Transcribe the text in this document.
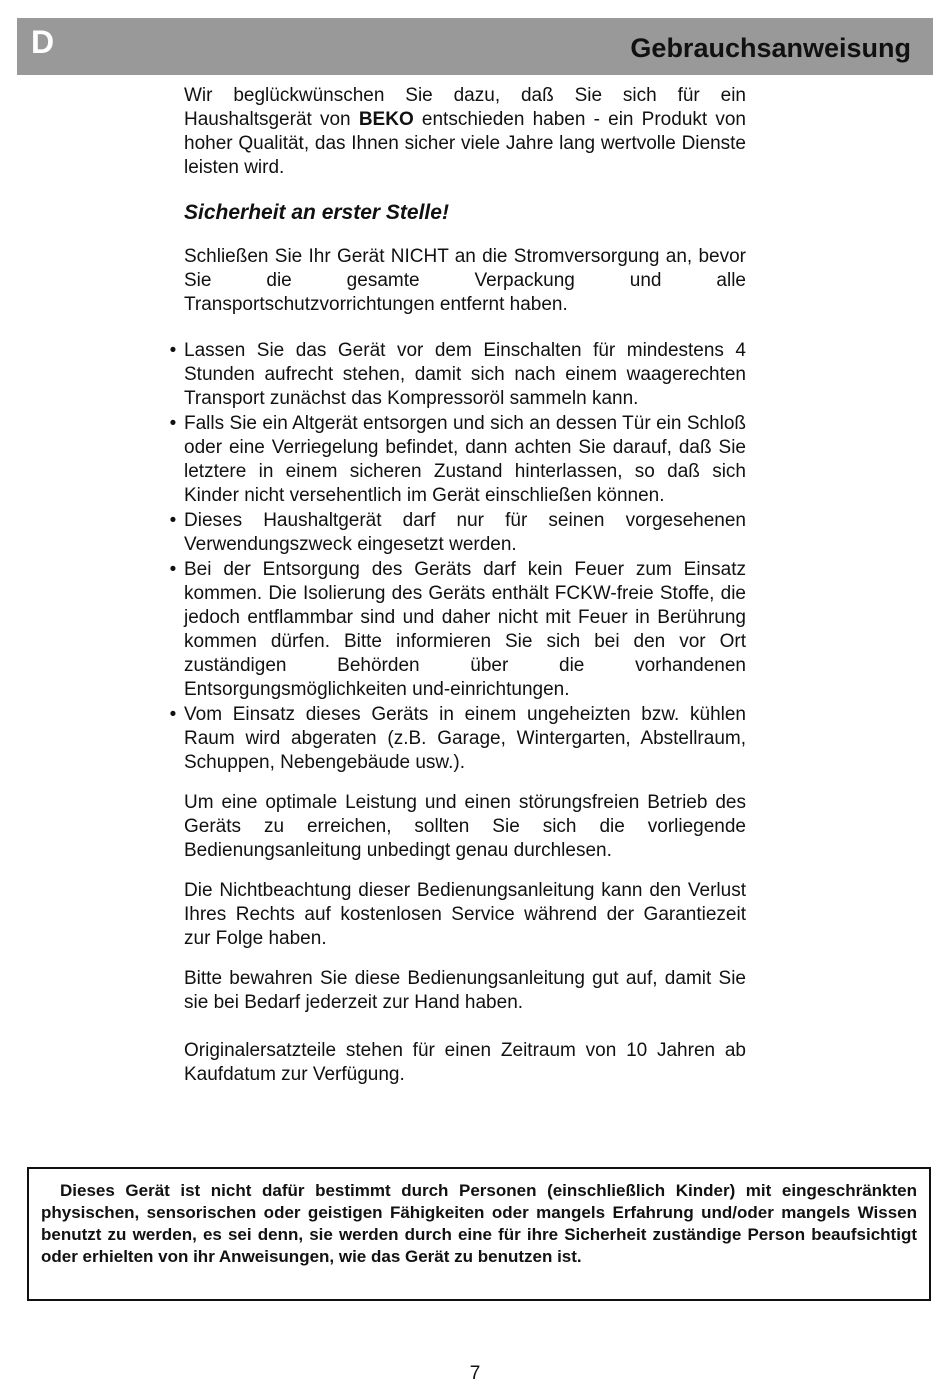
D	Gebrauchsanweisung

Wir beglückwünschen Sie dazu, daß Sie sich für ein Haushaltsgerät von BEKO entschieden haben - ein Produkt von hoher Qualität, das Ihnen sicher viele Jahre lang wertvolle Dienste leisten wird.

Sicherheit an erster Stelle!

Schließen Sie Ihr Gerät NICHT an die Stromversorgung an, bevor Sie die gesamte Verpackung und alle Transportschutzvorrichtungen entfernt haben.

• Lassen Sie das Gerät vor dem Einschalten für mindestens 4 Stunden aufrecht stehen, damit sich nach einem waagerechten Transport zunächst das Kompressoröl sammeln kann.
• Falls Sie ein Altgerät entsorgen und sich an dessen Tür ein Schloß oder eine Verriegelung befindet, dann achten Sie darauf, daß Sie letztere in einem sicheren Zustand hinterlassen, so daß sich Kinder nicht versehentlich im Gerät einschließen können.
• Dieses Haushaltgerät darf nur für seinen vorgesehenen Verwendungszweck eingesetzt werden.
• Bei der Entsorgung des Geräts darf kein Feuer zum Einsatz kommen. Die Isolierung des Geräts enthält FCKW-freie Stoffe, die jedoch entflammbar sind und daher nicht mit Feuer in Berührung kommen dürfen. Bitte informieren Sie sich bei den vor Ort zuständigen Behörden über die vorhandenen Entsorgungsmöglichkeiten und-einrichtungen.
• Vom Einsatz dieses Geräts in einem ungeheizten bzw. kühlen Raum wird abgeraten (z.B. Garage, Wintergarten, Abstellraum, Schuppen, Nebengebäude usw.).

Um eine optimale Leistung und einen störungsfreien Betrieb des Geräts zu erreichen, sollten Sie sich die vorliegende Bedienungsanleitung unbedingt genau durchlesen.

Die Nichtbeachtung dieser Bedienungsanleitung kann den Verlust Ihres Rechts auf kostenlosen Service während der Garantiezeit zur Folge haben.

Bitte bewahren Sie diese Bedienungsanleitung gut auf, damit Sie sie bei Bedarf jederzeit zur Hand haben.

Originalersatzteile stehen für einen Zeitraum von 10 Jahren ab Kaufdatum zur Verfügung.

Dieses Gerät ist nicht dafür bestimmt durch Personen (einschließlich Kinder) mit eingeschränkten physischen, sensorischen oder geistigen Fähigkeiten oder mangels Erfahrung und/oder mangels Wissen benutzt zu werden, es sei denn, sie werden durch eine für ihre Sicherheit zuständige Person beaufsichtigt oder erhielten von ihr Anweisungen, wie das Gerät zu benutzen ist.

7
